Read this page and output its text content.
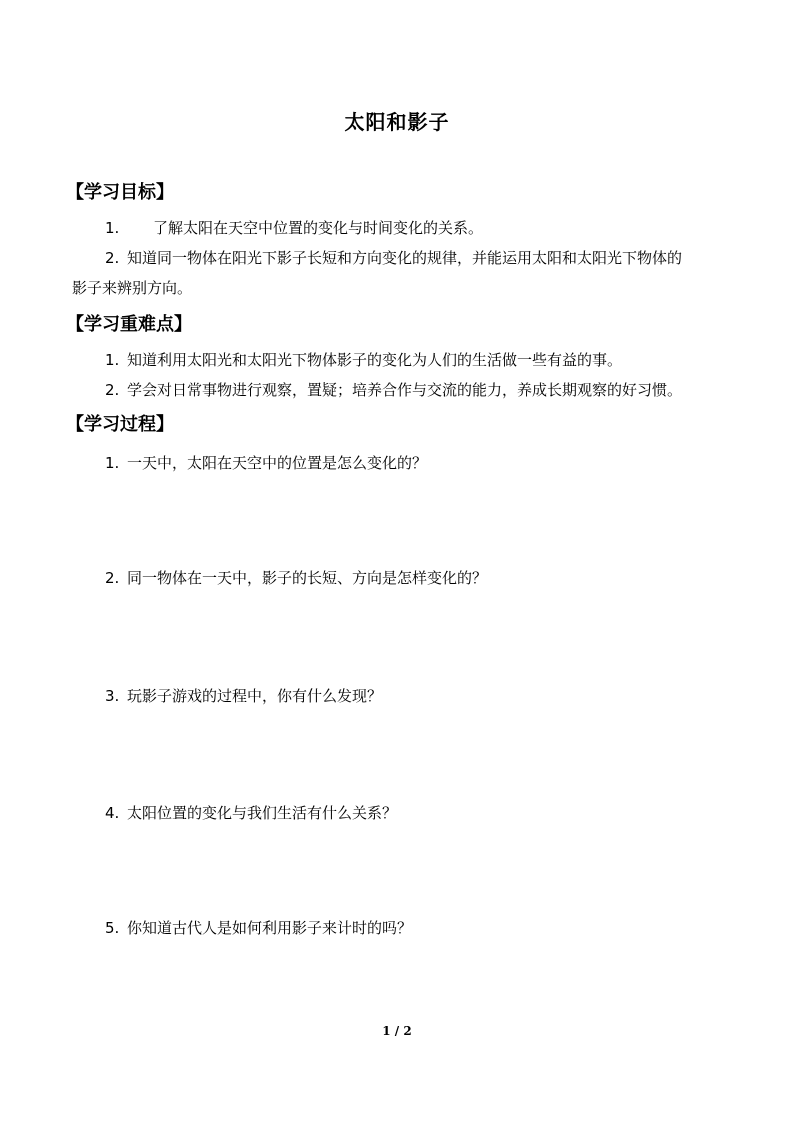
太阳和影子
【学习目标】
1. 了解太阳在天空中位置的变化与时间变化的关系。
2. 知道同一物体在阳光下影子长短和方向变化的规律，并能运用太阳和太阳光下物体的
影子来辨别方向。
【学习重难点】
1. 知道利用太阳光和太阳光下物体影子的变化为人们的生活做一些有益的事。
2. 学会对日常事物进行观察，置疑；培养合作与交流的能力，养成长期观察的好习惯。
【学习过程】
1. 一天中，太阳在天空中的位置是怎么变化的？
2. 同一物体在一天中，影子的长短、方向是怎样变化的？
3. 玩影子游戏的过程中，你有什么发现？
4. 太阳位置的变化与我们生活有什么关系？
5. 你知道古代人是如何利用影子来计时的吗？
1 / 2
